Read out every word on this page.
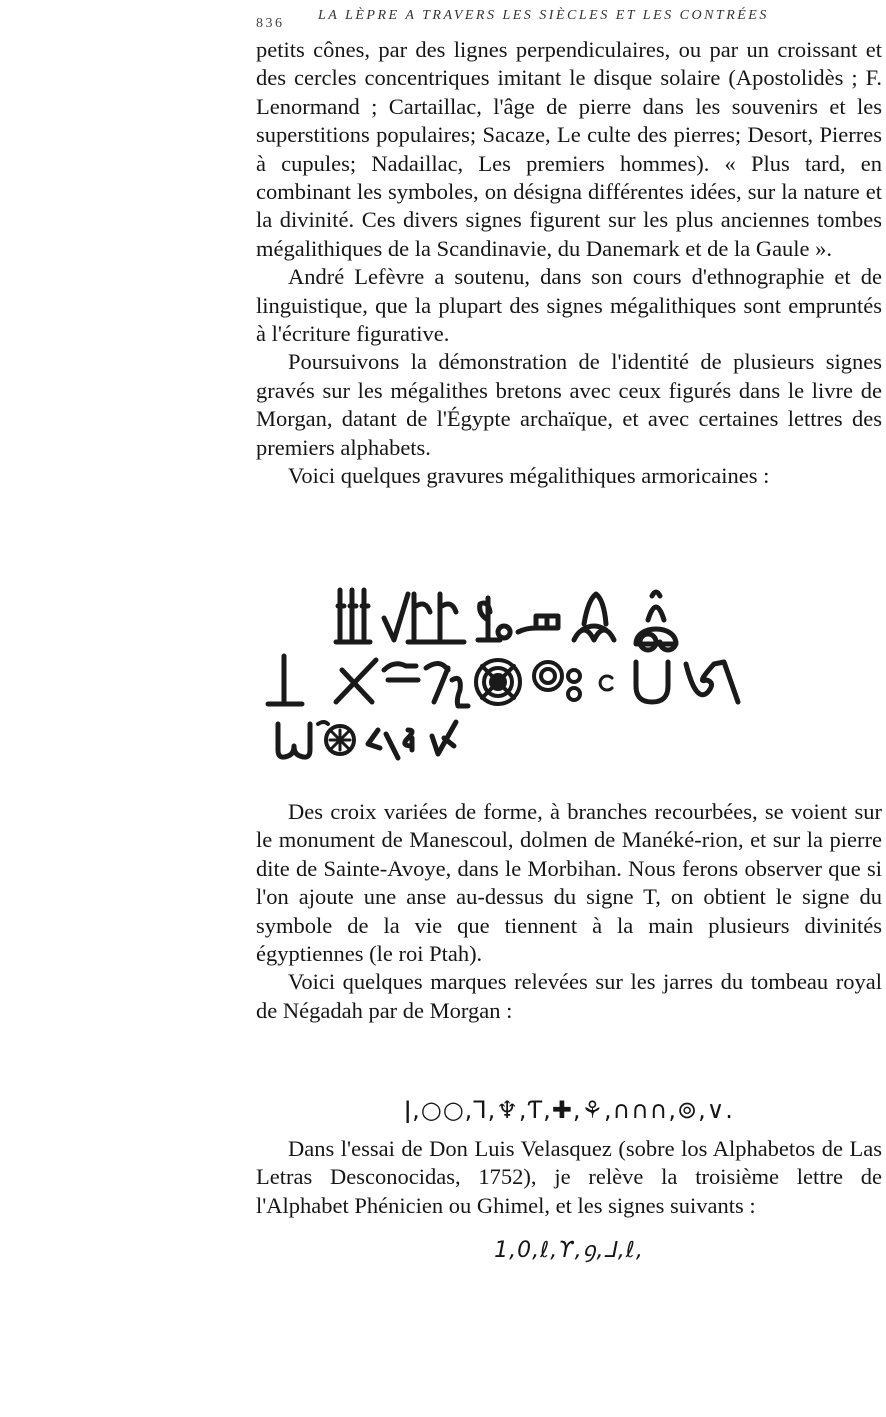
836
LA LÈPRE A TRAVERS LES SIÈCLES ET LES CONTRÉES

petits cônes, par des lignes perpendiculaires, ou par un croissant et des cercles concentriques imitant le disque solaire (Apostolidès ; F. Lenormand ; Cartaillac, l'âge de pierre dans les souvenirs et les superstitions populaires; Sacaze, Le culte des pierres; Desort, Pierres à cupules; Nadaillac, Les premiers hommes). « Plus tard, en combinant les symboles, on désigna différentes idées, sur la nature et la divinité. Ces divers signes figurent sur les plus anciennes tombes mégalithiques de la Scandinavie, du Danemark et de la Gaule ».

André Lefèvre a soutenu, dans son cours d'ethnographie et de linguistique, que la plupart des signes mégalithiques sont empruntés à l'écriture figurative.

Poursuivons la démonstration de l'identité de plusieurs signes gravés sur les mégalithes bretons avec ceux figurés dans le livre de Morgan, datant de l'Égypte archaïque, et avec certaines lettres des premiers alphabets.

Voici quelques gravures mégalithiques armoricaines :

Des croix variées de forme, à branches recourbées, se voient sur le monument de Manescoul, dolmen de Manéké-rion, et sur la pierre dite de Sainte-Avoye, dans le Morbihan. Nous ferons observer que si l'on ajoute une anse au-dessus du signe T, on obtient le signe du symbole de la vie que tiennent à la main plusieurs divinités égyptiennes (le roi Ptah).

Voici quelques marques relevées sur les jarres du tombeau royal de Négadah par de Morgan :

ǀ,○○,⅂,♆,Ƭ,✚,⚘,∩∩∩,⊚,∨.

Dans l'essai de Don Luis Velasquez (sobre los Alphabetos de Las Letras Desconocidas, 1752), je relève la troisième lettre de l'Alphabet Phénicien ou Ghimel, et les signes suivants :

1,0,ℓ,ϒ,ꝯ,⅃,ℓ,
